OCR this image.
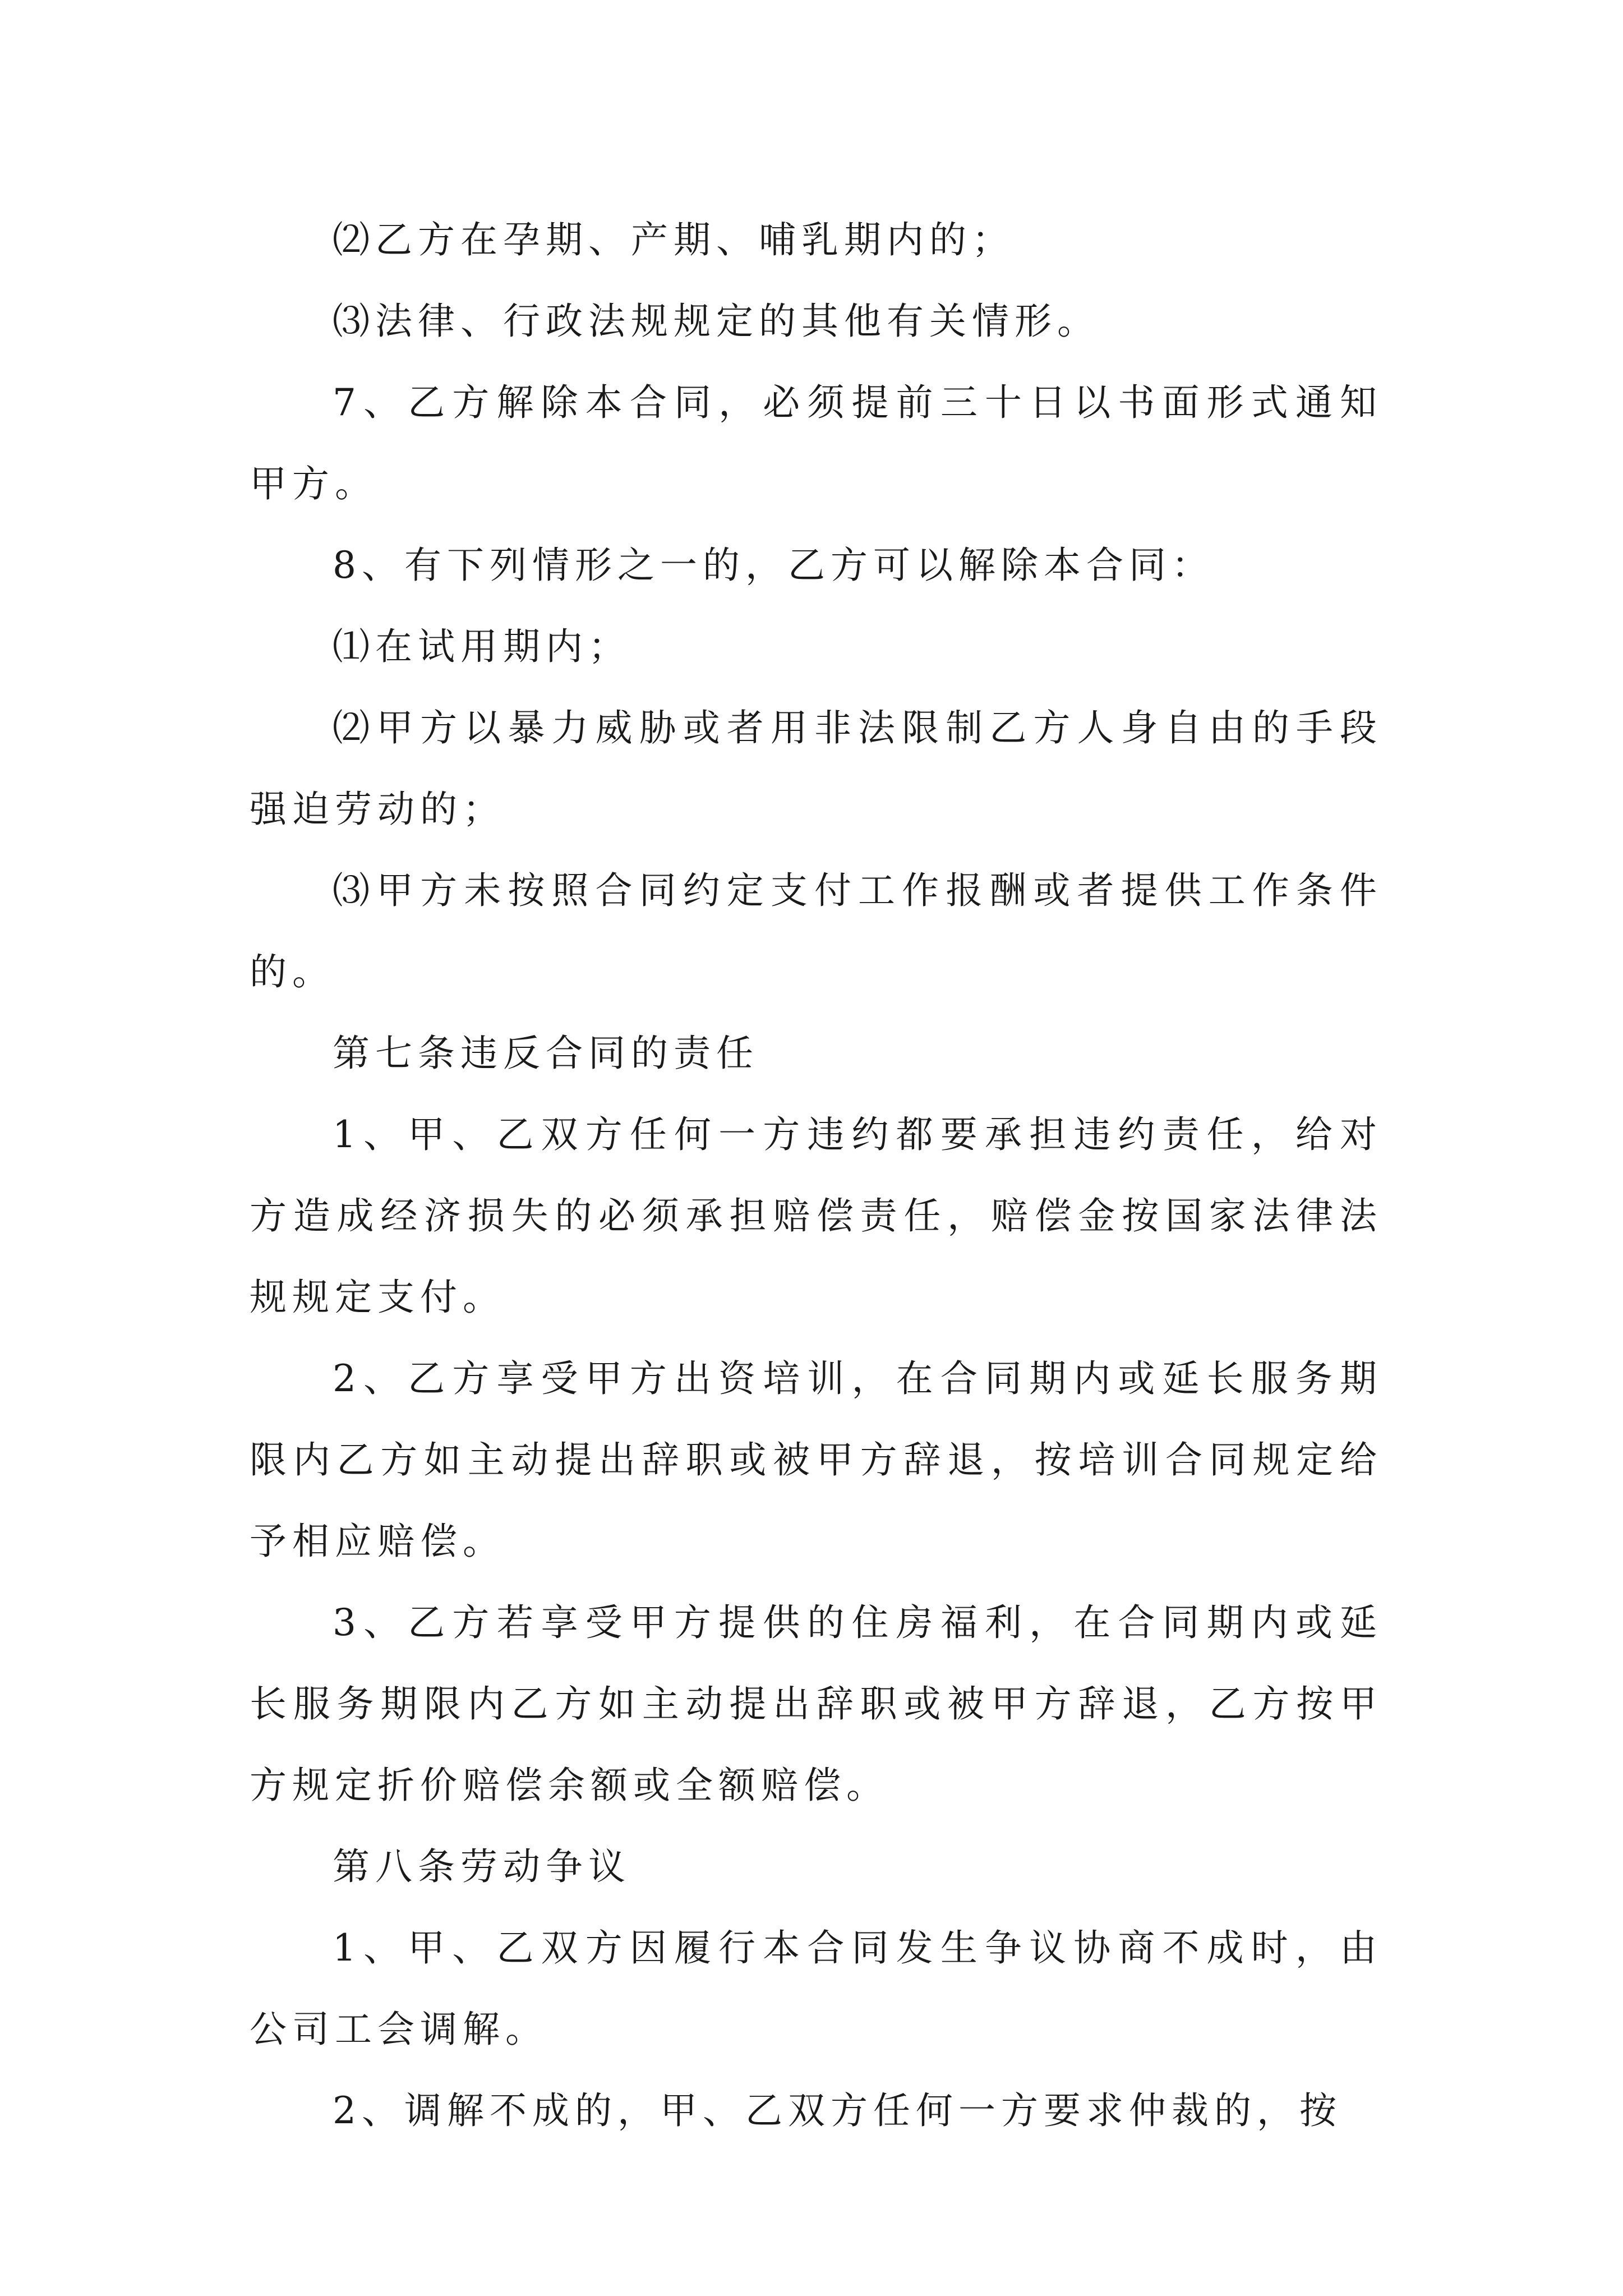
⑵乙方在孕期、产期、哺乳期内的；

⑶法律、行政法规规定的其他有关情形。

7、乙方解除本合同，必须提前三十日以书面形式通知甲方。

8、有下列情形之一的，乙方可以解除本合同：

⑴在试用期内；

⑵甲方以暴力威胁或者用非法限制乙方人身自由的手段强迫劳动的；

⑶甲方未按照合同约定支付工作报酬或者提供工作条件的。

第七条违反合同的责任

1、甲、乙双方任何一方违约都要承担违约责任，给对方造成经济损失的必须承担赔偿责任，赔偿金按国家法律法规规定支付。

2、乙方享受甲方出资培训，在合同期内或延长服务期限内乙方如主动提出辞职或被甲方辞退，按培训合同规定给予相应赔偿。

3、乙方若享受甲方提供的住房福利，在合同期内或延长服务期限内乙方如主动提出辞职或被甲方辞退，乙方按甲方规定折价赔偿余额或全额赔偿。

第八条劳动争议

1、甲、乙双方因履行本合同发生争议协商不成时，由公司工会调解。

2、调解不成的，甲、乙双方任何一方要求仲裁的，按
